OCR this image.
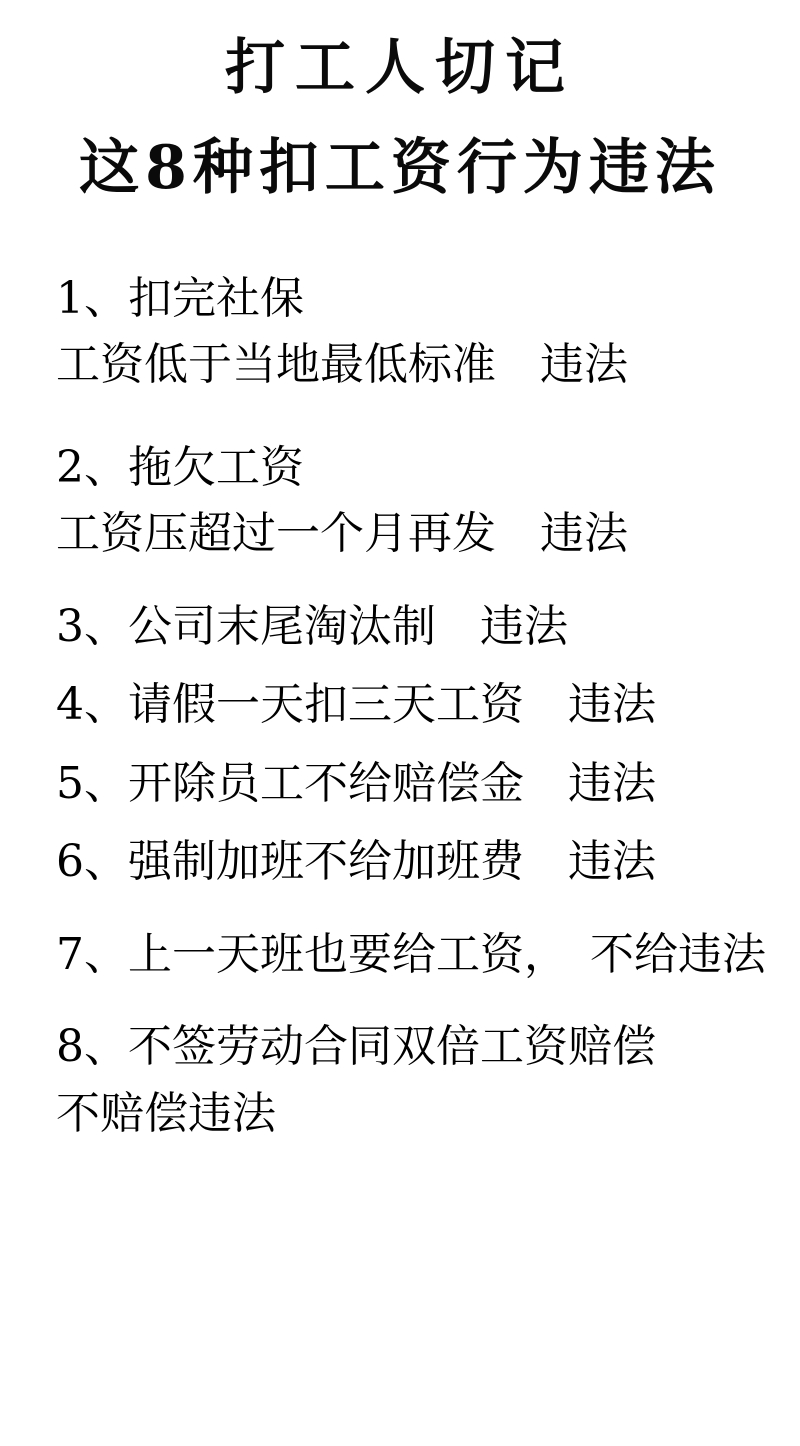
打工人切记
这8种扣工资行为违法
1、扣完社保
工资低于当地最低标准　违法
2、拖欠工资
工资压超过一个月再发　违法
3、公司末尾淘汰制　违法
4、请假一天扣三天工资　违法
5、开除员工不给赔偿金　违法
6、强制加班不给加班费　违法
7、上一天班也要给工资，　不给违法
8、不签劳动合同双倍工资赔偿
不赔偿违法
